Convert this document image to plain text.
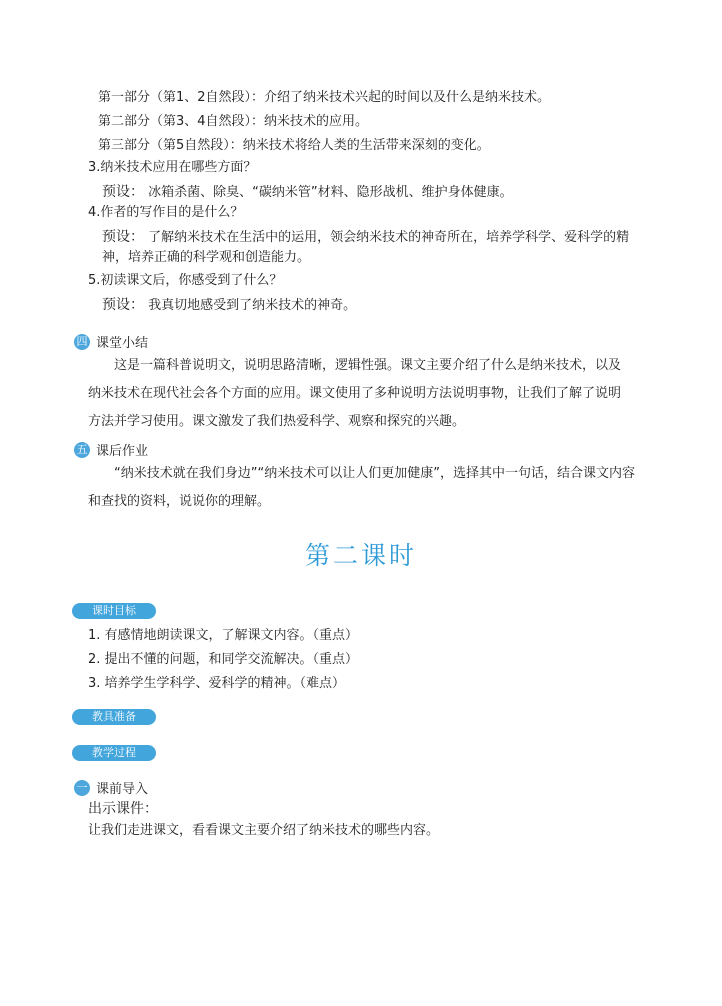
第一部分（第1、2自然段）：介绍了纳米技术兴起的时间以及什么是纳米技术。
第二部分（第3、4自然段）：纳米技术的应用。
第三部分（第5自然段）：纳米技术将给人类的生活带来深刻的变化。
3.纳米技术应用在哪些方面？
预设： 冰箱杀菌、除臭、“碳纳米管”材料、隐形战机、维护身体健康。
4.作者的写作目的是什么？
预设： 了解纳米技术在生活中的运用，领会纳米技术的神奇所在，培养学科学、爱科学的精
神，培养正确的科学观和创造能力。
5.初读课文后，你感受到了什么？
预设： 我真切地感受到了纳米技术的神奇。
四 课堂小结
这是一篇科普说明文，说明思路清晰，逻辑性强。课文主要介绍了什么是纳米技术，以及
纳米技术在现代社会各个方面的应用。课文使用了多种说明方法说明事物，让我们了解了说明
方法并学习使用。课文激发了我们热爱科学、观察和探究的兴趣。
五 课后作业
“纳米技术就在我们身边”“纳米技术可以让人们更加健康”，选择其中一句话，结合课文内容
和查找的资料，说说你的理解。
第二课时
课时目标
1. 有感情地朗读课文，了解课文内容。（重点）
2. 提出不懂的问题，和同学交流解决。（重点）
3. 培养学生学科学、爱科学的精神。（难点）
教具准备
教学过程
一 课前导入
出示课件：
让我们走进课文，看看课文主要介绍了纳米技术的哪些内容。
